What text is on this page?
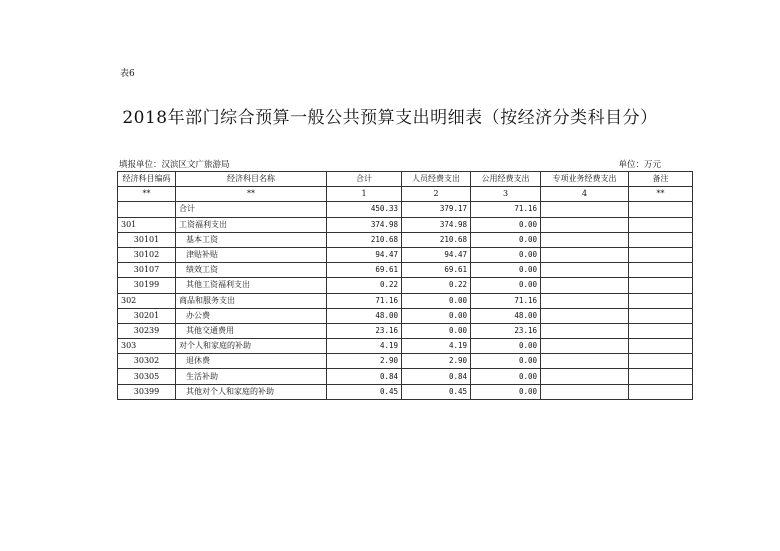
表6
2018年部门综合预算一般公共预算支出明细表（按经济分类科目分）
填报单位：汉滨区文广旅游局	单位：万元
经济科目编码	经济科目名称	合计	人员经费支出	公用经费支出	专项业务经费支出	备注
**	**	1	2	3	4	**
	合计	450.33	379.17	71.16		
301	工资福利支出	374.98	374.98	0.00		
30101	基本工资	210.68	210.68	0.00		
30102	津贴补贴	94.47	94.47	0.00		
30107	绩效工资	69.61	69.61	0.00		
30199	其他工资福利支出	0.22	0.22	0.00		
302	商品和服务支出	71.16	0.00	71.16		
30201	办公费	48.00	0.00	48.00		
30239	其他交通费用	23.16	0.00	23.16		
303	对个人和家庭的补助	4.19	4.19	0.00		
30302	退休费	2.90	2.90	0.00		
30305	生活补助	0.84	0.84	0.00		
30399	其他对个人和家庭的补助	0.45	0.45	0.00		
